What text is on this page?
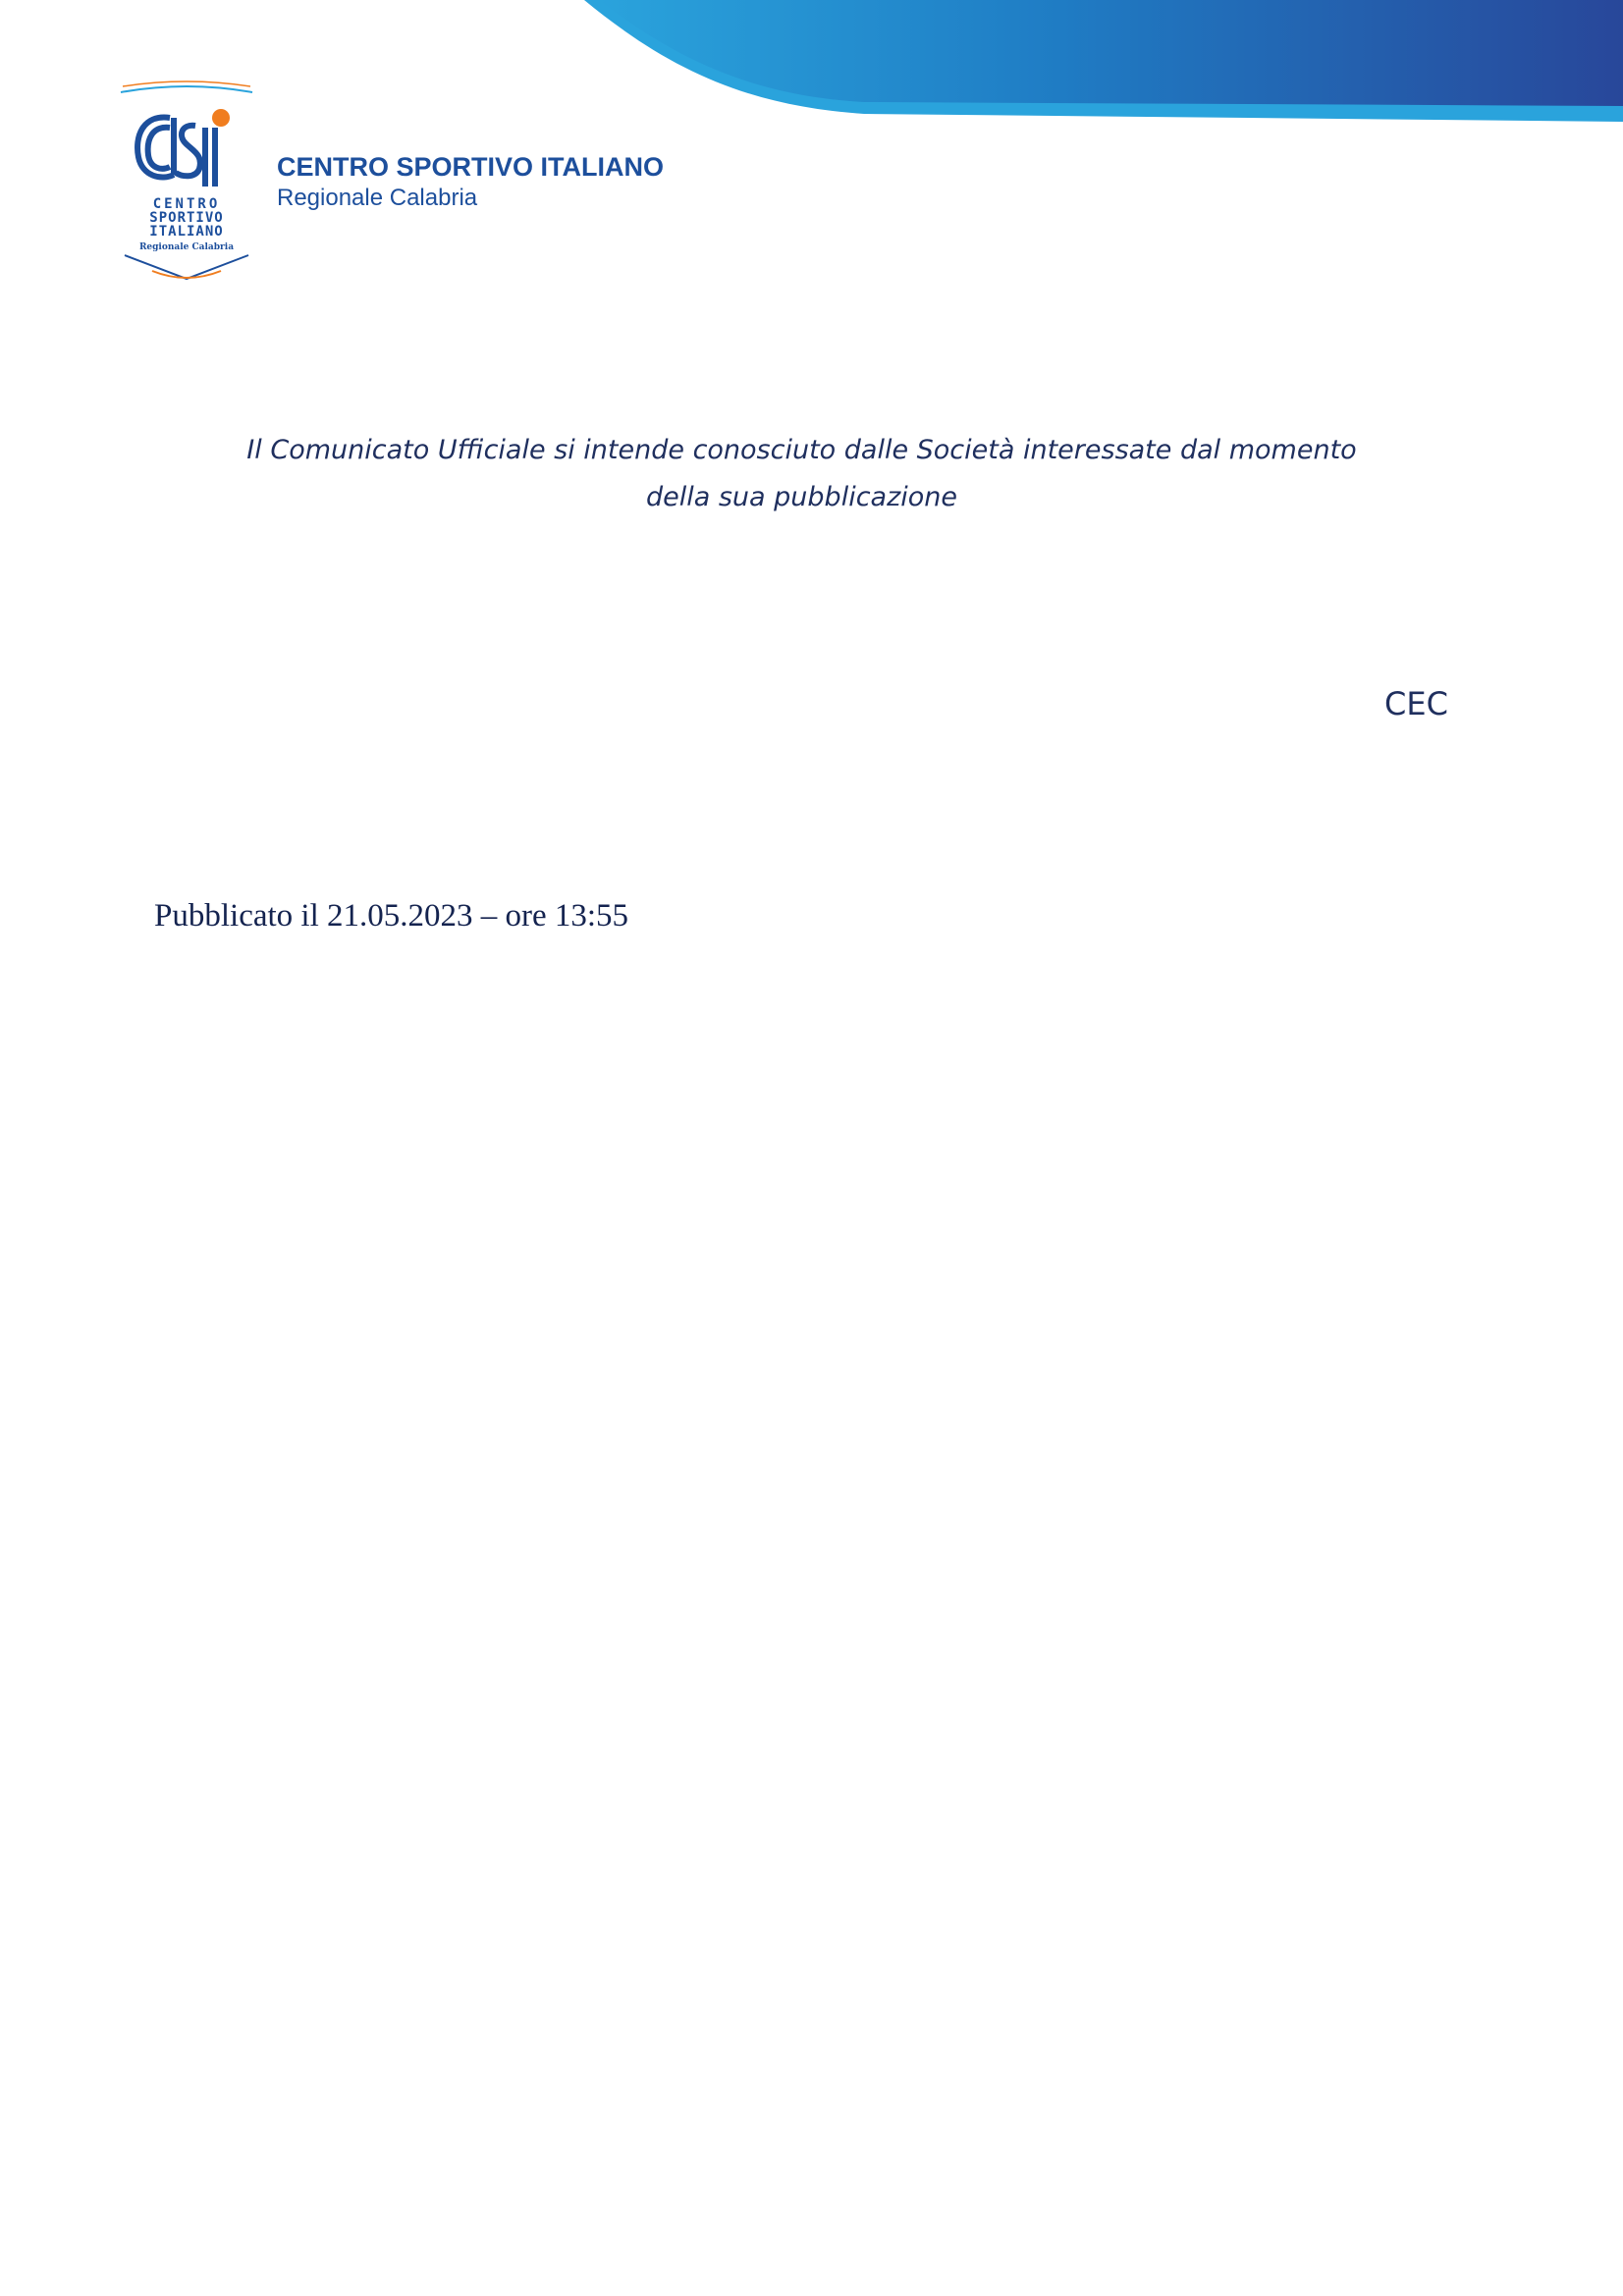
CENTRO
SPORTIVO
ITALIANO
Regionale Calabria
CENTRO SPORTIVO ITALIANO
Regionale Calabria
Il Comunicato Ufficiale si intende conosciuto dalle Società interessate dal momento
della sua pubblicazione
CEC
Pubblicato il 21.05.2023 – ore 13:55
